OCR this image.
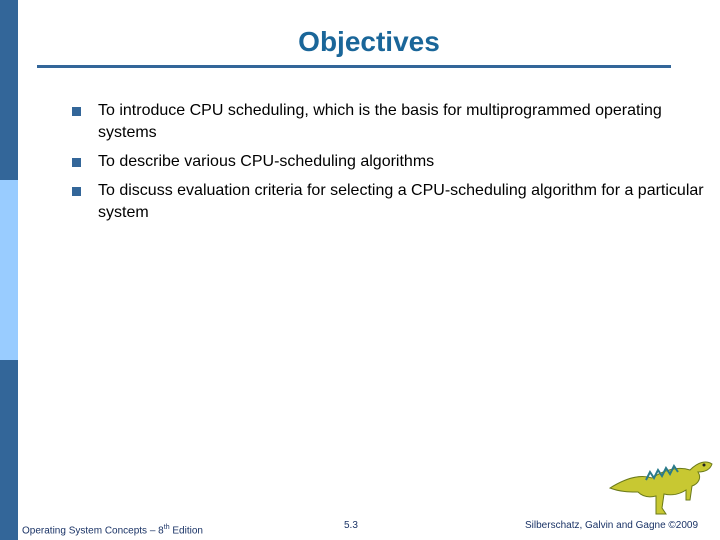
Objectives
To introduce CPU scheduling, which is the basis for multiprogrammed operating systems
To describe various CPU-scheduling algorithms
To discuss evaluation criteria for selecting a CPU-scheduling algorithm for a particular system
Operating System Concepts – 8th Edition	5.3	Silberschatz, Galvin and Gagne ©2009
